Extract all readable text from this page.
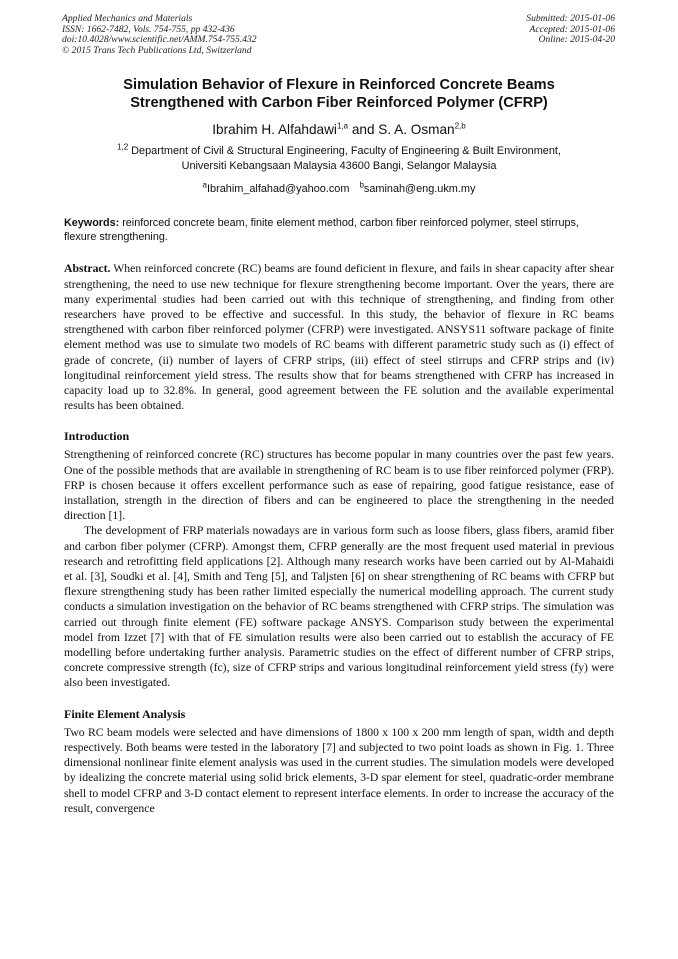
Applied Mechanics and Materials
ISSN: 1662-7482, Vols. 754-755, pp 432-436
doi:10.4028/www.scientific.net/AMM.754-755.432
© 2015 Trans Tech Publications Ltd, Switzerland
Submitted: 2015-01-06
Accepted: 2015-01-06
Online: 2015-04-20
Simulation Behavior of Flexure in Reinforced Concrete Beams
Strengthened with Carbon Fiber Reinforced Polymer (CFRP)
Ibrahim H. Alfahdawi$^{1,a}$ and S. A. Osman$^{2,b}$
$^{1,2}$ Department of Civil & Structural Engineering, Faculty of Engineering & Built Environment,
Universiti Kebangsaan Malaysia 43600 Bangi, Selangor Malaysia
$^a$Ibrahim_alfahad@yahoo.com $^b$saminah@eng.ukm.my
Keywords: reinforced concrete beam, finite element method, carbon fiber reinforced polymer, steel stirrups, flexure strengthening.

Abstract. When reinforced concrete (RC) beams are found deficient in flexure, and fails in shear capacity after shear strengthening, the need to use new technique for flexure strengthening become important. Over the years, there are many experimental studies had been carried out with this technique of strengthening, and finding from other researchers have proved to be effective and successful. In this study, the behavior of flexure in RC beams strengthened with carbon fiber reinforced polymer (CFRP) were investigated. ANSYS11 software package of finite element method was use to simulate two models of RC beams with different parametric study such as (i) effect of grade of concrete, (ii) number of layers of CFRP strips, (iii) effect of steel stirrups and CFRP strips and (iv) longitudinal reinforcement yield stress. The results show that for beams strengthened with CFRP has increased in capacity load up to 32.8%. In general, good agreement between the FE solution and the available experimental results has been obtained.

Introduction

Strengthening of reinforced concrete (RC) structures has become popular in many countries over the past few years. One of the possible methods that are available in strengthening of RC beam is to use fiber reinforced polymer (FRP). FRP is chosen because it offers excellent performance such as ease of repairing, good fatigue resistance, ease of installation, strength in the direction of fibers and can be engineered to place the strengthening in the needed direction [1].

The development of FRP materials nowadays are in various form such as loose fibers, glass fibers, aramid fiber and carbon fiber polymer (CFRP). Amongst them, CFRP generally are the most frequent used material in previous research and retrofitting field applications [2]. Although many research works have been carried out by Al-Mahaidi et al. [3], Soudki et al. [4], Smith and Teng [5], and Taljsten [6] on shear strengthening of RC beams with CFRP but flexure strengthening study has been rather limited especially the numerical modelling approach. The current study conducts a simulation investigation on the behavior of RC beams strengthened with CFRP strips. The simulation was carried out through finite element (FE) software package ANSYS. Comparison study between the experimental model from Izzet [7] with that of FE simulation results were also been carried out to establish the accuracy of FE modelling before undertaking further analysis. Parametric studies on the effect of different number of CFRP strips, concrete compressive strength (fc), size of CFRP strips and various longitudinal reinforcement yield stress (fy) were also been investigated.

Finite Element Analysis

Two RC beam models were selected and have dimensions of 1800 x 100 x 200 mm length of span, width and depth respectively. Both beams were tested in the laboratory [7] and subjected to two point loads as shown in Fig. 1. Three dimensional nonlinear finite element analysis was used in the current studies. The simulation models were developed by idealizing the concrete material using solid brick elements, 3-D spar element for steel, quadratic-order membrane shell to model CFRP and 3-D contact element to represent interface elements. In order to increase the accuracy of the result, convergence
